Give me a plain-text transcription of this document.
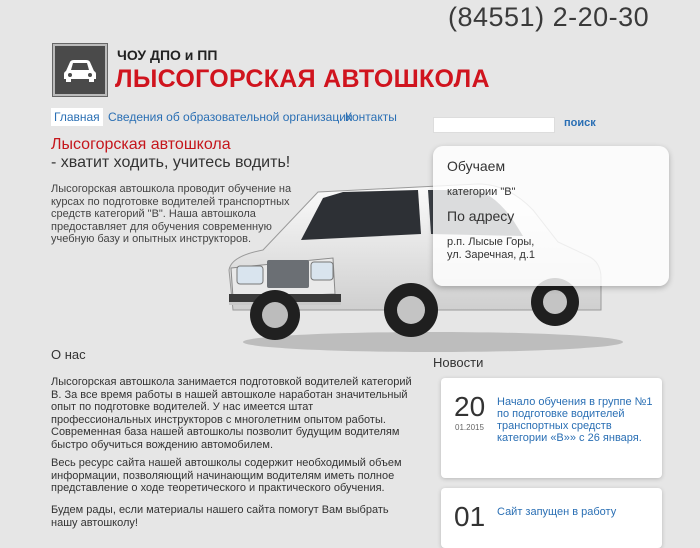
(84551) 2-20-30
ЧОУ ДПО и ПП
ЛЫСОГОРСКАЯ АВТОШКОЛА
Главная Сведения об образовательной организации
Контакты	поиск
Лысогорская автошкола
- хватит ходить, учитесь водить!
Лысогорская автошкола проводит обучение на курсах по подготовке водителей транспортных средств категорий "В". Наша автошкола предоставляет для обучения современную учебную базу и опытных инструкторов.
Обучаем
категории "В"
По адресу
р.п. Лысые Горы,
ул. Заречная, д.1
О нас
Лысогорская автошкола занимается подготовкой водителей категорий В. За все время работы в нашей автошколе наработан значительный опыт по подготовке водителей. У нас имеется штат профессиональных инструкторов с многолетним опытом работы. Современная база нашей автошколы позволит будущим водителям быстро обучиться вождению автомобилем.
Весь ресурс сайта нашей автошколы содержит необходимый объем информации, позволяющий начинающим водителям иметь полное представление о ходе теоретического и практического обучения.
Будем рады, если материалы нашего сайта помогут Вам выбрать нашу автошколу!
Новости
20
01.2015
Начало обучения в группе №1 по подготовке водителей транспортных средств категории «В»» с 26 января.
01 Сайт запущен в работу
